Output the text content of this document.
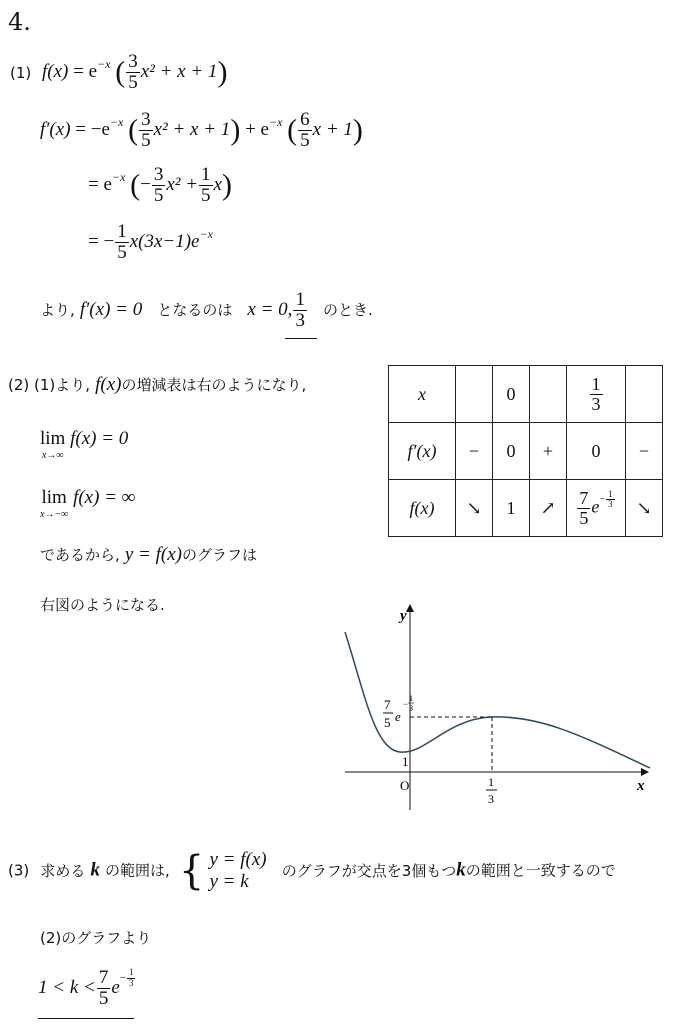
4.
(1) $f(x) = e^{-x}$ ( $\frac{3}{5} x^2 + x + 1$)
$f'(x) = -e^{-x}$ ( $\frac{3}{5} x^2 + x + 1) + e^{-x}$ ( $\frac{6}{5}$ x + 1)
= $e^{-x}$ (− $\frac{3}{5} x^2 + \frac{1}{5} x$)
= − $\frac{1}{5} x(3x-1)e^{-x}$
より, f′(x) = 0 となるのは x = 0, $\frac{1}{3}$ のとき.
(2) (1)より, f(x)の増減表は右のようになり,
lim
x→∞
f(x) = 0
lim
x→−∞
f(x) = ∞
であるから, y = f(x)のグラフは
右図のようになる.
x		0		$\frac{1}{3}$

f′(x)	−	0	+	0	−
f(x)	↘	1	↗	$\frac{7}{5} e^{- \frac{1}{3}}$	↘
y
x
O
1
7
5 e
−
1
3
1
3
(3) 求める k の範囲は, { y = f(x)
y = k
のグラフが交点を3個もつkの範囲と一致するので
(2)のグラフより
$1 < k < \frac{7}{5} e^{- \frac{1}{3}}$
